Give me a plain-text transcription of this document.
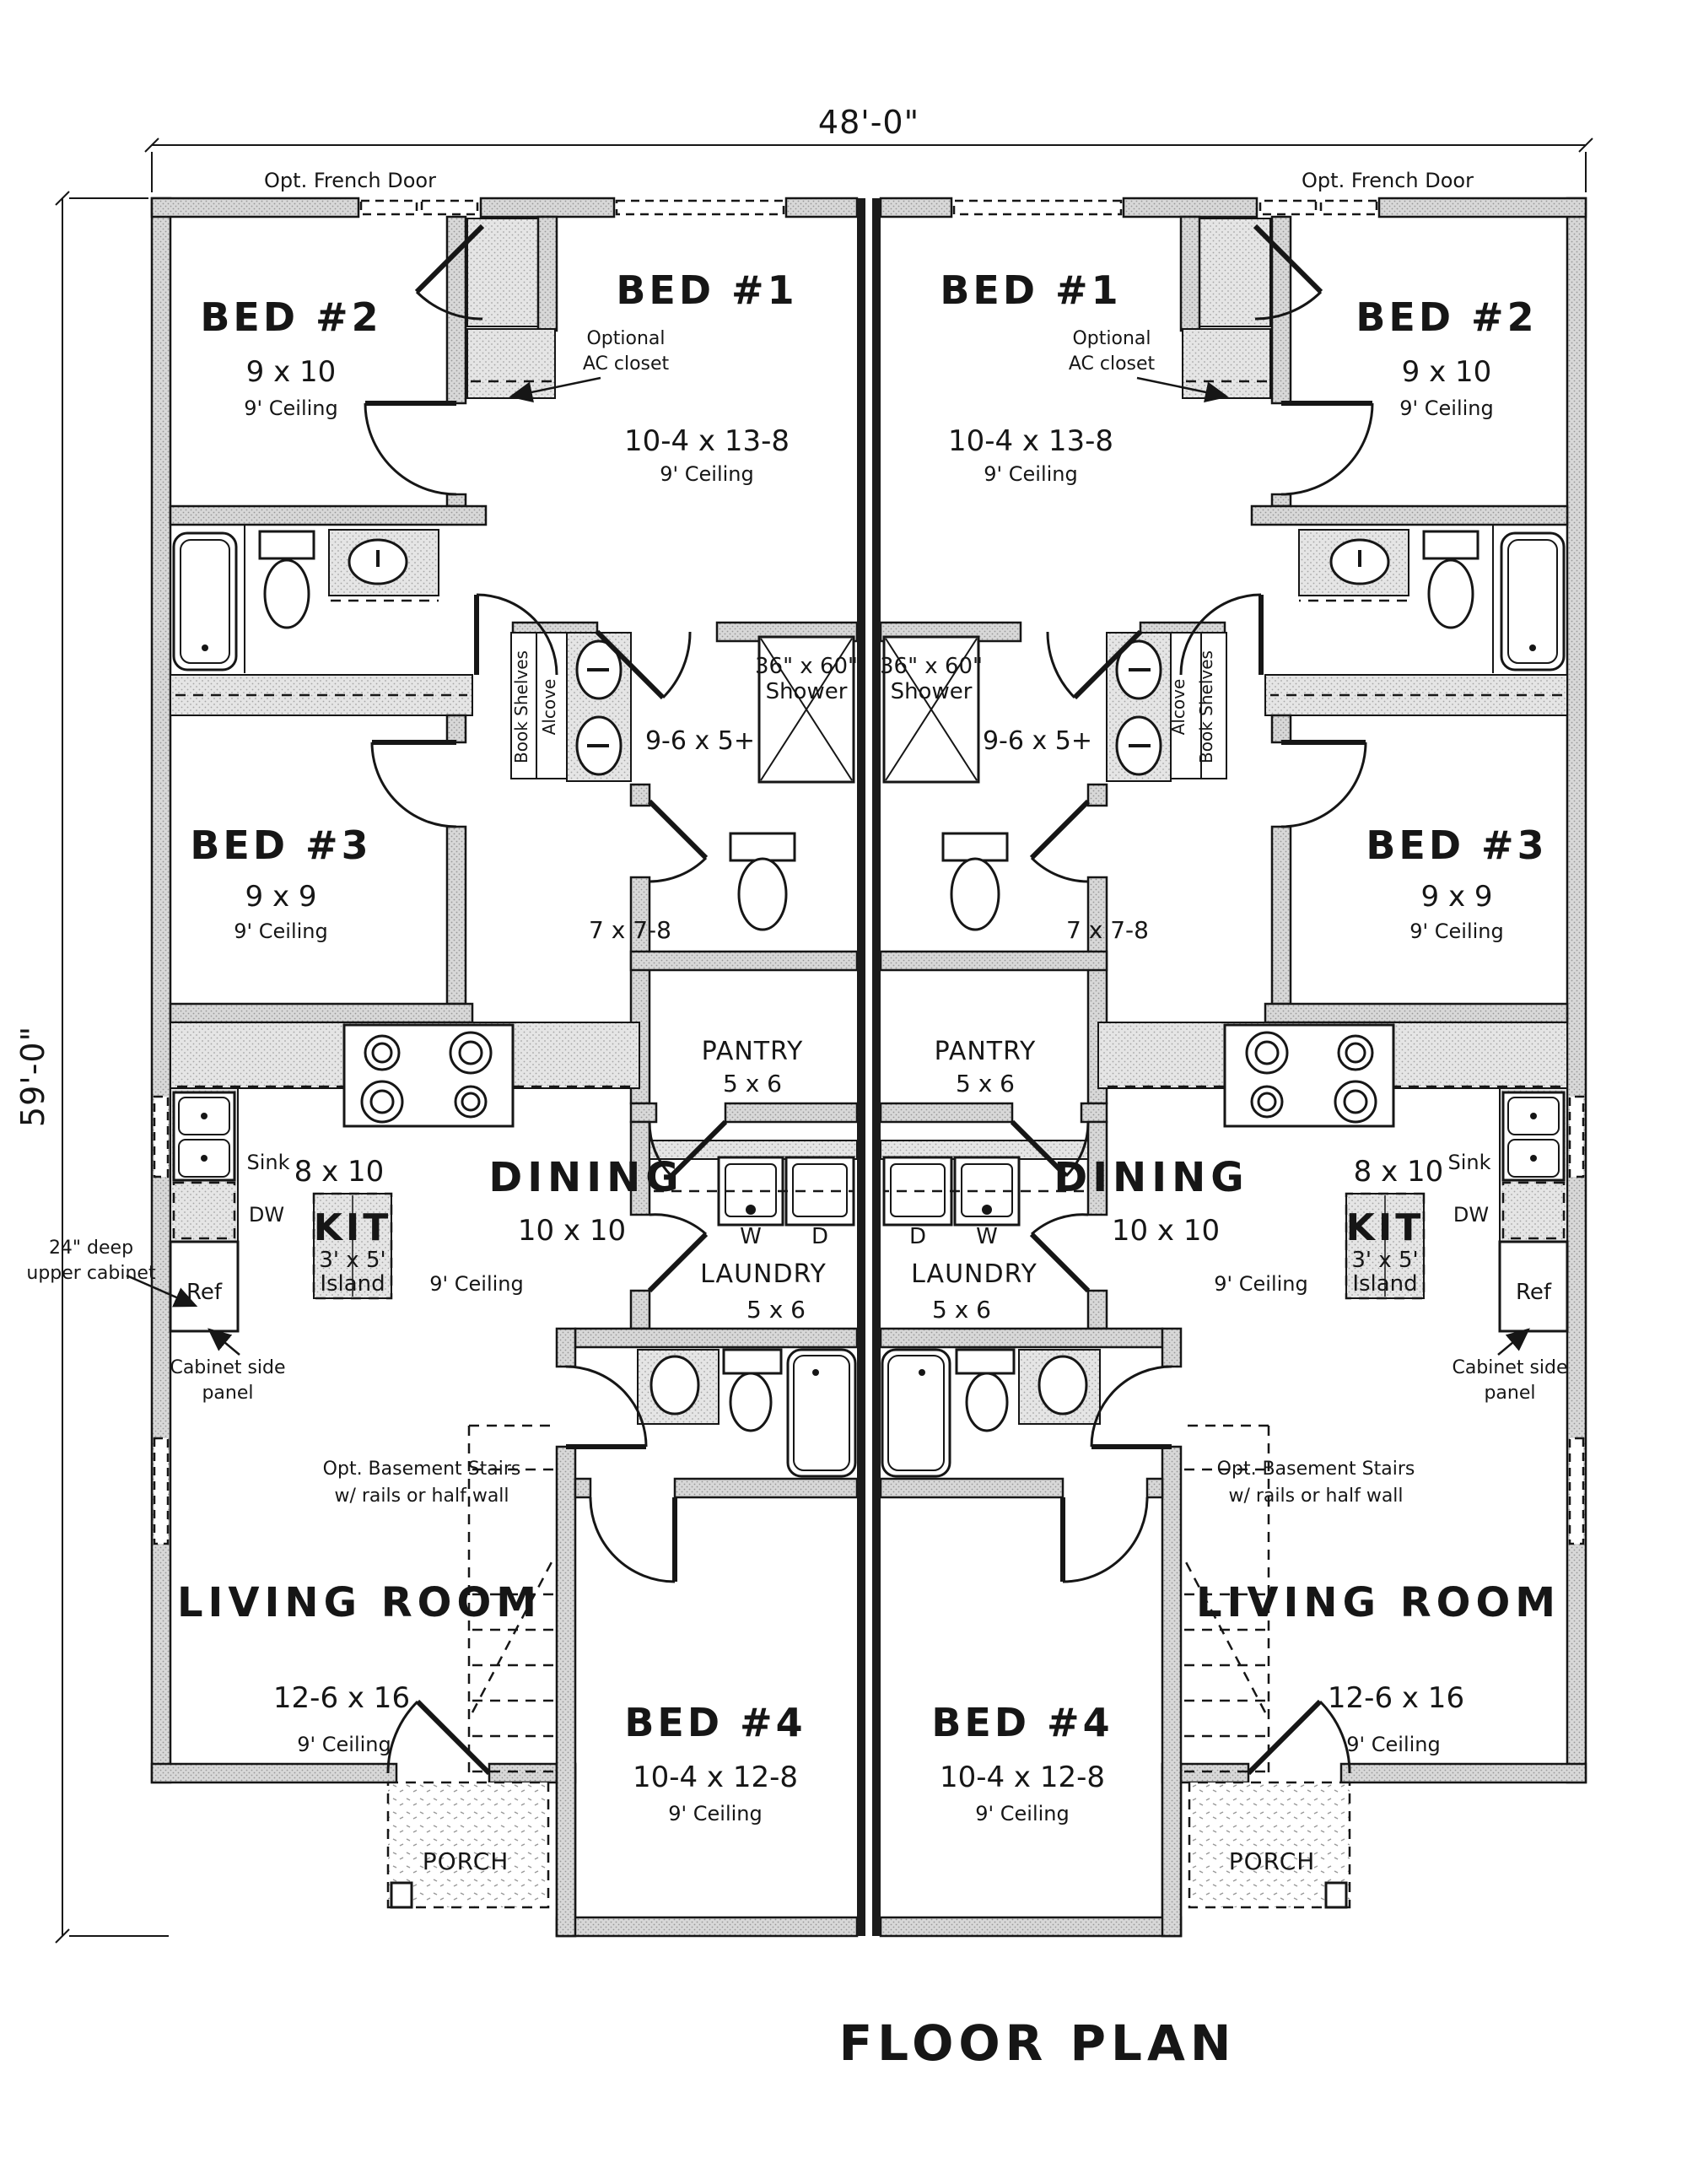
Opt. French Door
BED #2
9 x 10
9' Ceiling
BED #1
10-4 x 13-8
9' Ceiling
Optional
AC closet
36" x 60"
Shower
9-6 x 5+
Book Shelves Alcove
BED #3
9 x 9
9' Ceiling	7 x 7-8
PANTRY
5 x 6
8 x 10
Sink
DW KIT
3' x 5'
Island
Ref
DINING
10 x 10
9' Ceiling
W D
LAUNDRY
5 x 6
Opt. Basement Stairs
w/ rails or half wall
LIVING ROOM
12-6 x 16
9' Ceiling	BED #4
10-4 x 12-8
9' Ceiling
PORCH
24" deep
upper cabinet
Cabinet side
panel
Opt. French Door
BED #2
9 x 10
9' Ceiling
BED #1
10-4 x 13-8
9' Ceiling
Optional
AC closet
36" x 60"
Shower
9-6 x 5+	Book Shelves
Alcove
BED #3
9 x 9
9' Ceiling
7 x 7-8
PANTRY
5 x 6
8 x 10 Sink
DW
KIT
3' x 5'
Island	Ref
DINING
10 x 10
9' Ceiling
D W
LAUNDRY
5 x 6
Opt. Basement Stairs
w/ rails or half wall
LIVING ROOM
12-6 x 16
9' Ceiling
BED #4
10-4 x 12-8
9' Ceiling
PORCH
Cabinet side
panel
48'-0"
59'-0"
FLOOR PLAN
